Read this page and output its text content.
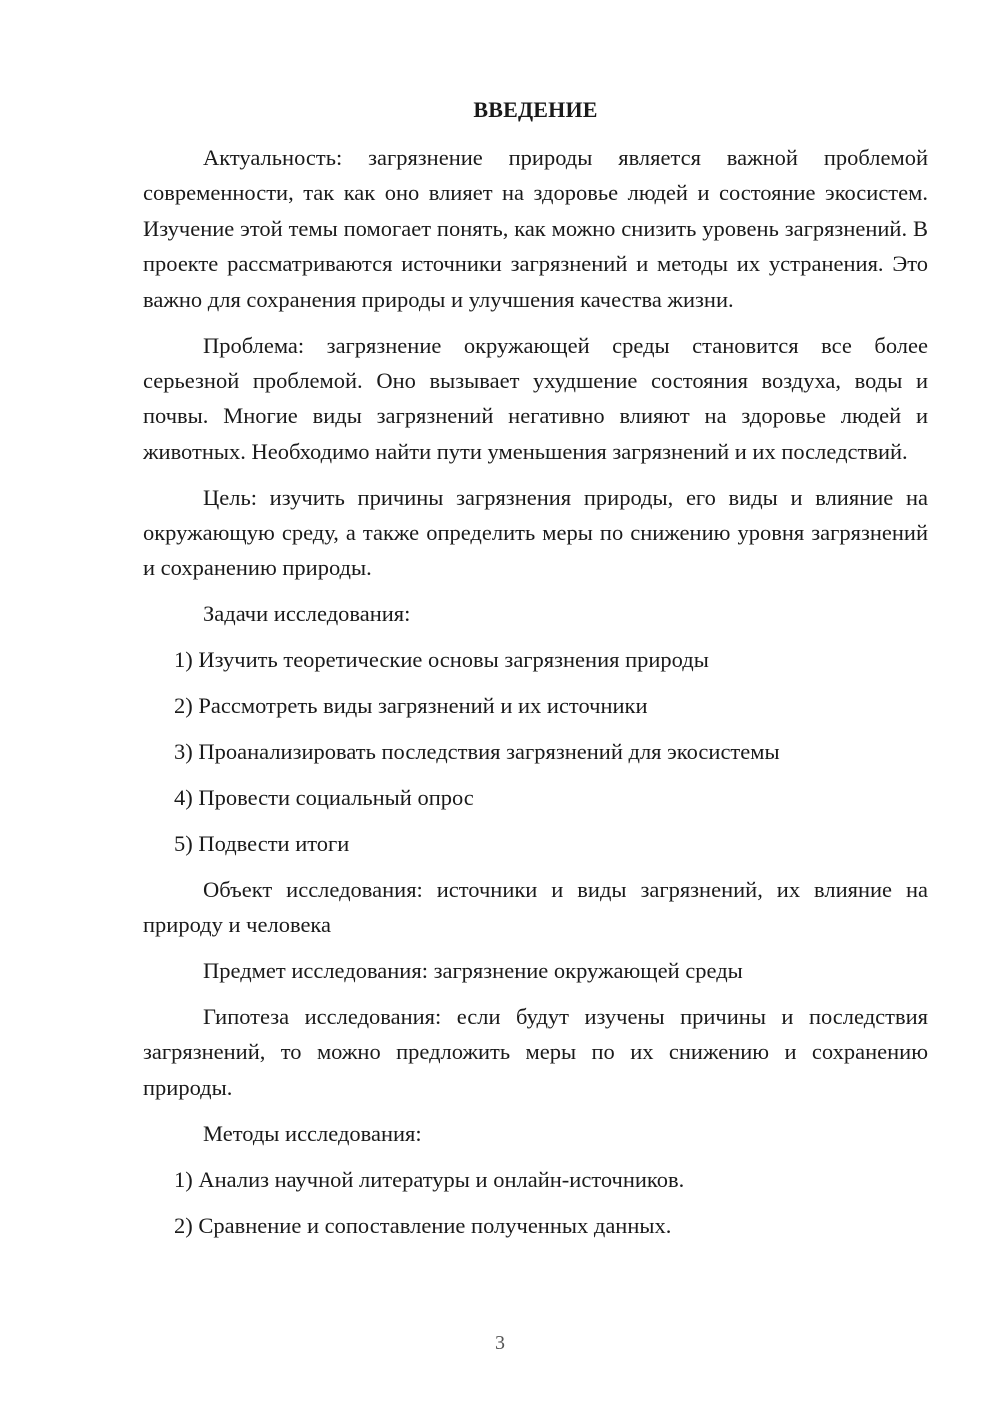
ВВЕДЕНИЕ

Актуальность: загрязнение природы является важной проблемой современности, так как оно влияет на здоровье людей и состояние экосистем. Изучение этой темы помогает понять, как можно снизить уровень загрязнений. В проекте рассматриваются источники загрязнений и методы их устранения. Это важно для сохранения природы и улучшения качества жизни.

Проблема: загрязнение окружающей среды становится все более серьезной проблемой. Оно вызывает ухудшение состояния воздуха, воды и почвы. Многие виды загрязнений негативно влияют на здоровье людей и животных. Необходимо найти пути уменьшения загрязнений и их последствий.

Цель: изучить причины загрязнения природы, его виды и влияние на окружающую среду, а также определить меры по снижению уровня загрязнений и сохранению природы.

Задачи исследования:

1) Изучить теоретические основы загрязнения природы

2) Рассмотреть виды загрязнений и их источники

3) Проанализировать последствия загрязнений для экосистемы

4) Провести социальный опрос

5) Подвести итоги

Объект исследования: источники и виды загрязнений, их влияние на природу и человека

Предмет исследования: загрязнение окружающей среды

Гипотеза исследования: если будут изучены причины и последствия загрязнений, то можно предложить меры по их снижению и сохранению природы.

Методы исследования:

1) Анализ научной литературы и онлайн-источников.

2) Сравнение и сопоставление полученных данных.

3
